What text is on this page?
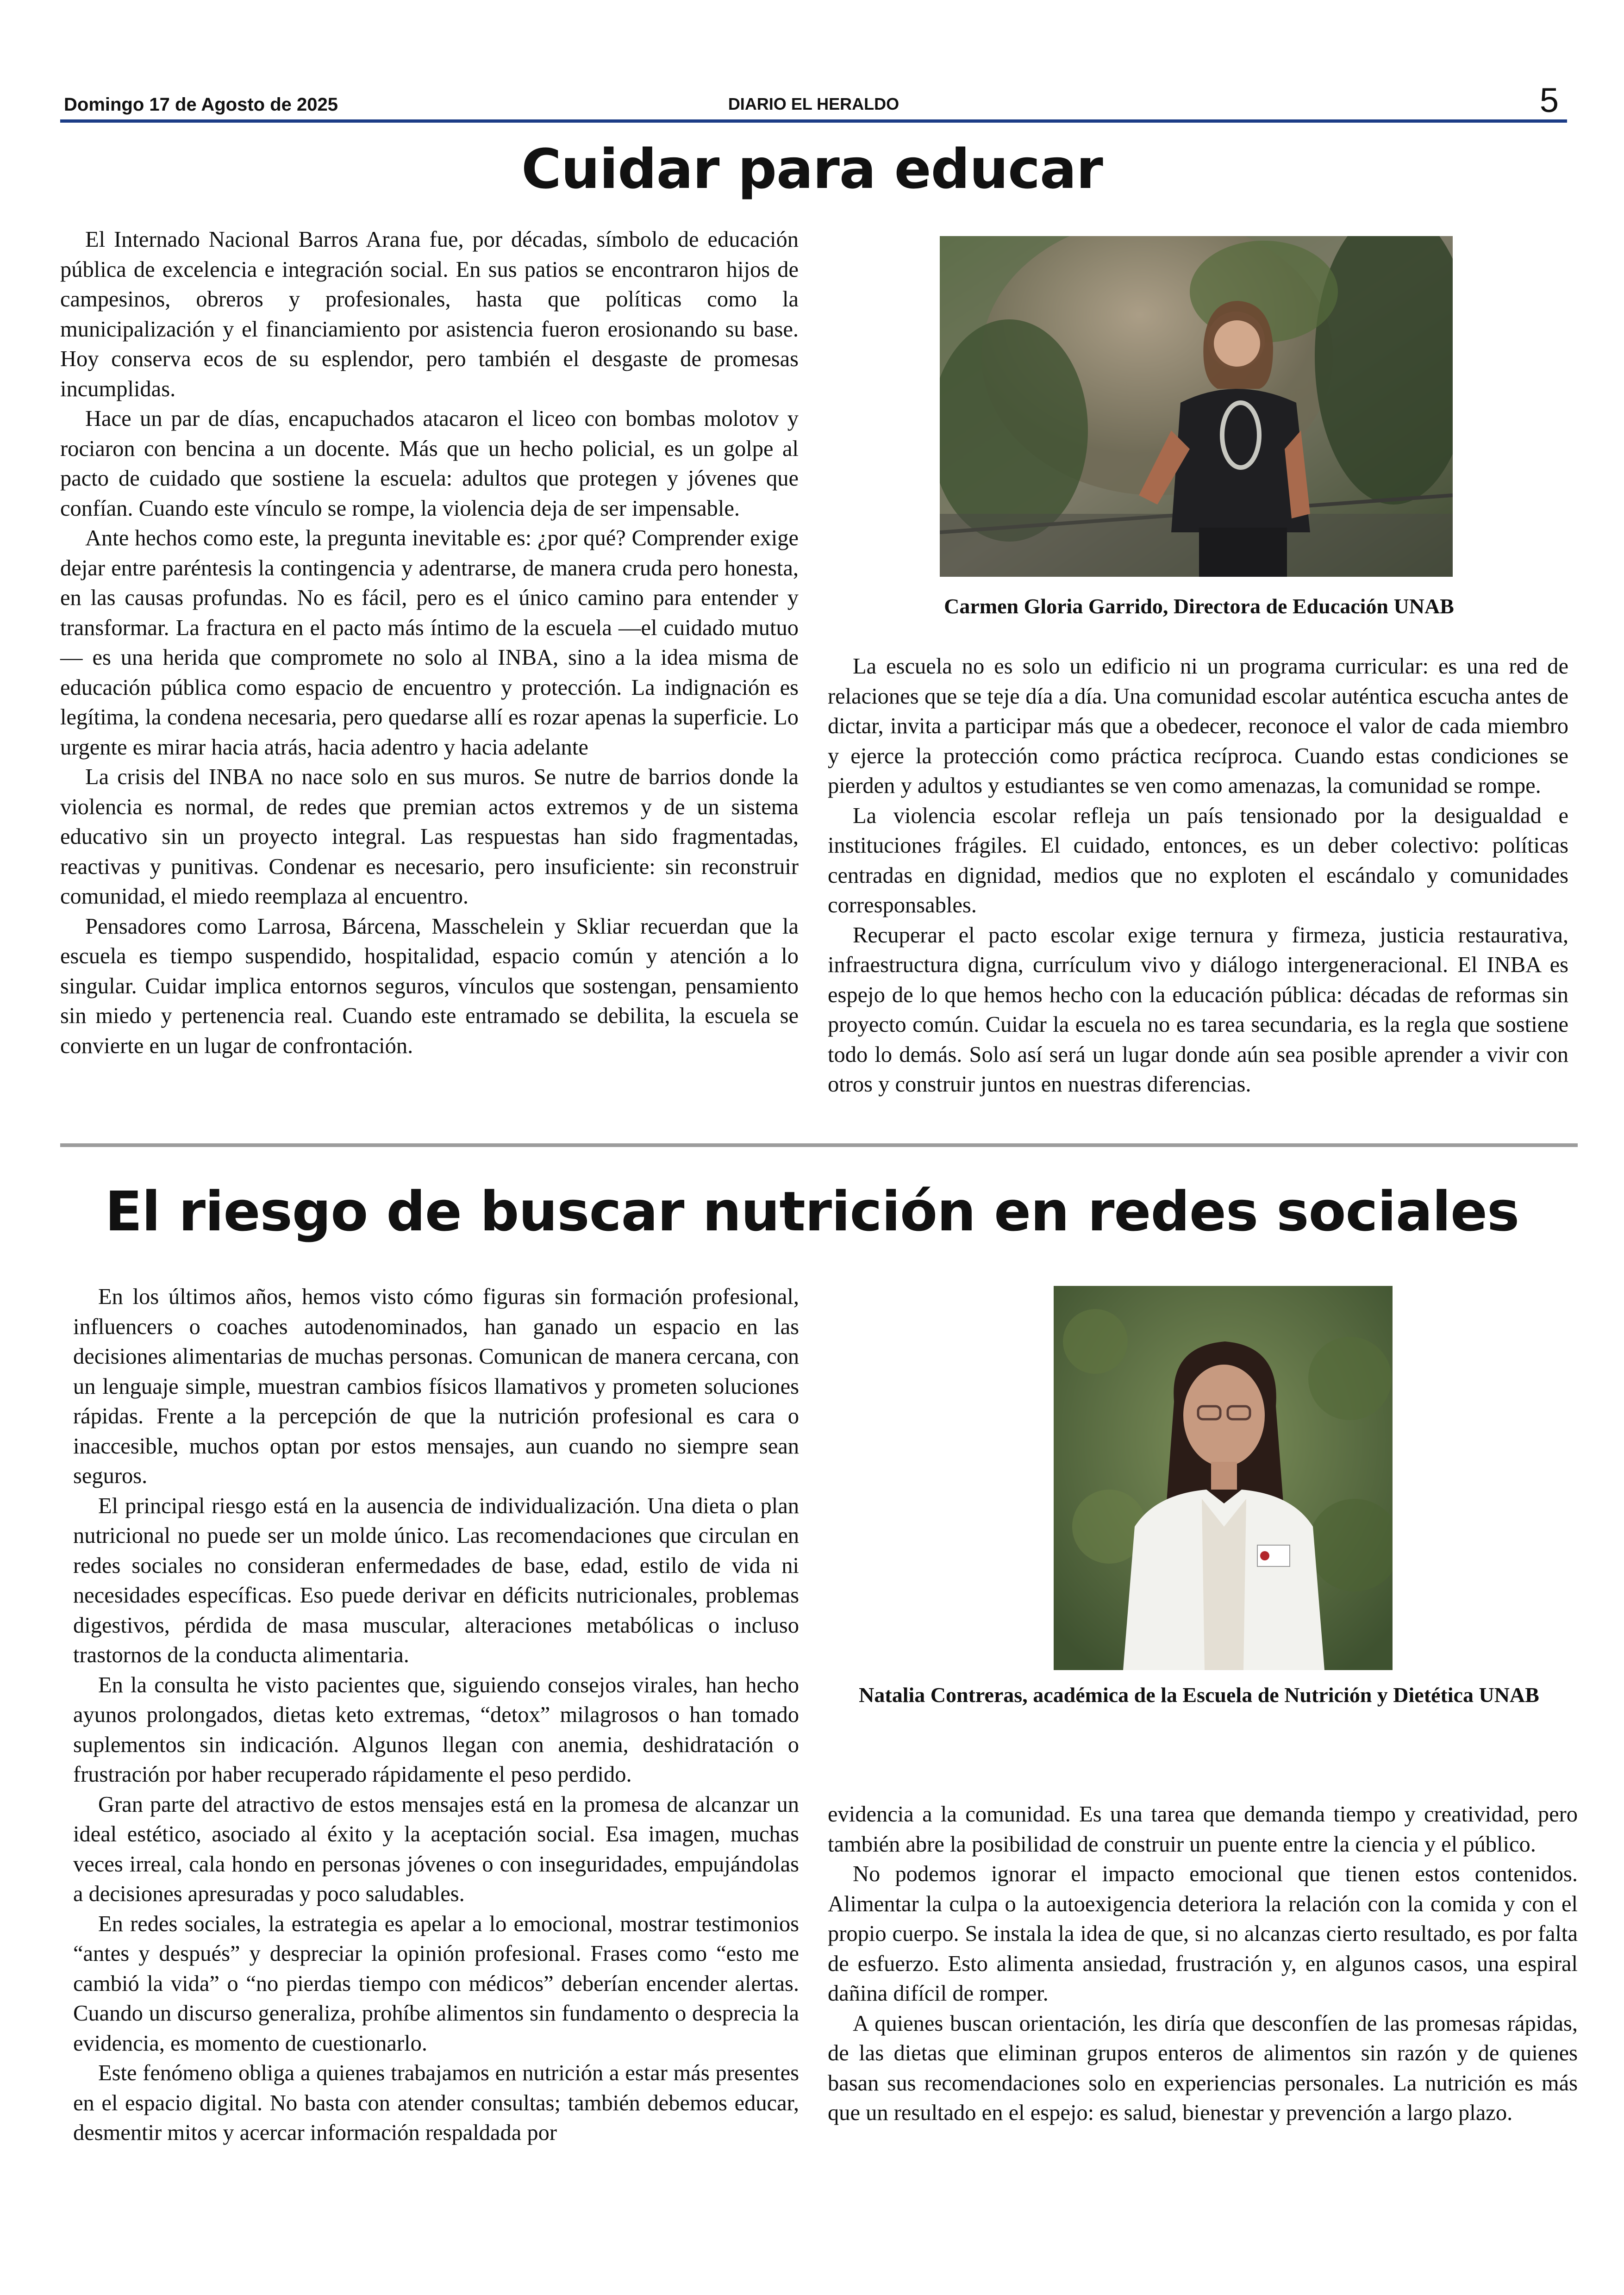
Domingo 17 de Agosto de 2025	DIARIO EL HERALDO	5
Cuidar para educar

El Internado Nacional Barros Arana fue, por décadas, símbolo de educación pública de excelencia e integración social. En sus patios se encontraron hijos de campesinos, obreros y profesionales, hasta que políticas como la municipalización y el financiamiento por asistencia fueron erosionando su base. Hoy conserva ecos de su esplendor, pero también el desgaste de promesas incumplidas.

Hace un par de días, encapuchados atacaron el liceo con bombas molotov y rociaron con bencina a un docente. Más que un hecho policial, es un golpe al pacto de cuidado que sostiene la escuela: adultos que protegen y jóvenes que confían. Cuando este vínculo se rompe, la violencia deja de ser impensable.

Ante hechos como este, la pregunta inevitable es: ¿por qué? Comprender exige dejar entre paréntesis la contingencia y adentrarse, de manera cruda pero honesta, en las causas profundas. No es fácil, pero es el único camino para entender y transformar. La fractura en el pacto más íntimo de la escuela —el cuidado mutuo— es una herida que compromete no solo al INBA, sino a la idea misma de educación pública como espacio de encuentro y protección. La indignación es legítima, la condena necesaria, pero quedarse allí es rozar apenas la superficie. Lo urgente es mirar hacia atrás, hacia adentro y hacia adelante

La crisis del INBA no nace solo en sus muros. Se nutre de barrios donde la violencia es normal, de redes que premian actos extremos y de un sistema educativo sin un proyecto integral. Las respuestas han sido fragmentadas, reactivas y punitivas. Condenar es necesario, pero insuficiente: sin reconstruir comunidad, el miedo reemplaza al encuentro.

Pensadores como Larrosa, Bárcena, Masschelein y Skliar recuerdan que la escuela es tiempo suspendido, hospitalidad, espacio común y atención a lo singular. Cuidar implica entornos seguros, vínculos que sostengan, pensamiento sin miedo y pertenencia real. Cuando este entramado se debilita, la escuela se convierte en un lugar de confrontación.

Carmen Gloria Garrido, Directora de Educación UNAB

La escuela no es solo un edificio ni un programa curricular: es una red de relaciones que se teje día a día. Una comunidad escolar auténtica escucha antes de dictar, invita a participar más que a obedecer, reconoce el valor de cada miembro y ejerce la protección como práctica recíproca. Cuando estas condiciones se pierden y adultos y estudiantes se ven como amenazas, la comunidad se rompe.

La violencia escolar refleja un país tensionado por la desigualdad e instituciones frágiles. El cuidado, entonces, es un deber colectivo: políticas centradas en dignidad, medios que no exploten el escándalo y comunidades corresponsables.

Recuperar el pacto escolar exige ternura y firmeza, justicia restaurativa, infraestructura digna, currículum vivo y diálogo intergeneracional. El INBA es espejo de lo que hemos hecho con la educación pública: décadas de reformas sin proyecto común. Cuidar la escuela no es tarea secundaria, es la regla que sostiene todo lo demás. Solo así será un lugar donde aún sea posible aprender a vivir con otros y construir juntos en nuestras diferencias.

El riesgo de buscar nutrición en redes sociales

En los últimos años, hemos visto cómo figuras sin formación profesional, influencers o coaches autodenominados, han ganado un espacio en las decisiones alimentarias de muchas personas. Comunican de manera cercana, con un lenguaje simple, muestran cambios físicos llamativos y prometen soluciones rápidas. Frente a la percepción de que la nutrición profesional es cara o inaccesible, muchos optan por estos mensajes, aun cuando no siempre sean seguros.

El principal riesgo está en la ausencia de individualización. Una dieta o plan nutricional no puede ser un molde único. Las recomendaciones que circulan en redes sociales no consideran enfermedades de base, edad, estilo de vida ni necesidades específicas. Eso puede derivar en déficits nutricionales, problemas digestivos, pérdida de masa muscular, alteraciones metabólicas o incluso trastornos de la conducta alimentaria.

En la consulta he visto pacientes que, siguiendo consejos virales, han hecho ayunos prolongados, dietas keto extremas, “detox” milagrosos o han tomado suplementos sin indicación. Algunos llegan con anemia, deshidratación o frustración por haber recuperado rápidamente el peso perdido.

Gran parte del atractivo de estos mensajes está en la promesa de alcanzar un ideal estético, asociado al éxito y la aceptación social. Esa imagen, muchas veces irreal, cala hondo en personas jóvenes o con inseguridades, empujándolas a decisiones apresuradas y poco saludables.

En redes sociales, la estrategia es apelar a lo emocional, mostrar testimonios “antes y después” y despreciar la opinión profesional. Frases como “esto me cambió la vida” o “no pierdas tiempo con médicos” deberían encender alertas. Cuando un discurso generaliza, prohíbe alimentos sin fundamento o desprecia la evidencia, es momento de cuestionarlo.

Este fenómeno obliga a quienes trabajamos en nutrición a estar más presentes en el espacio digital. No basta con atender consultas; también debemos educar, desmentir mitos y acercar información respaldada por

Natalia Contreras, académica de la Escuela de Nutrición y Dietética UNAB

evidencia a la comunidad. Es una tarea que demanda tiempo y creatividad, pero también abre la posibilidad de construir un puente entre la ciencia y el público.

No podemos ignorar el impacto emocional que tienen estos contenidos. Alimentar la culpa o la autoexigencia deteriora la relación con la comida y con el propio cuerpo. Se instala la idea de que, si no alcanzas cierto resultado, es por falta de esfuerzo. Esto alimenta ansiedad, frustración y, en algunos casos, una espiral dañina difícil de romper.

A quienes buscan orientación, les diría que desconfíen de las promesas rápidas, de las dietas que eliminan grupos enteros de alimentos sin razón y de quienes basan sus recomendaciones solo en experiencias personales. La nutrición es más que un resultado en el espejo: es salud, bienestar y prevención a largo plazo.
